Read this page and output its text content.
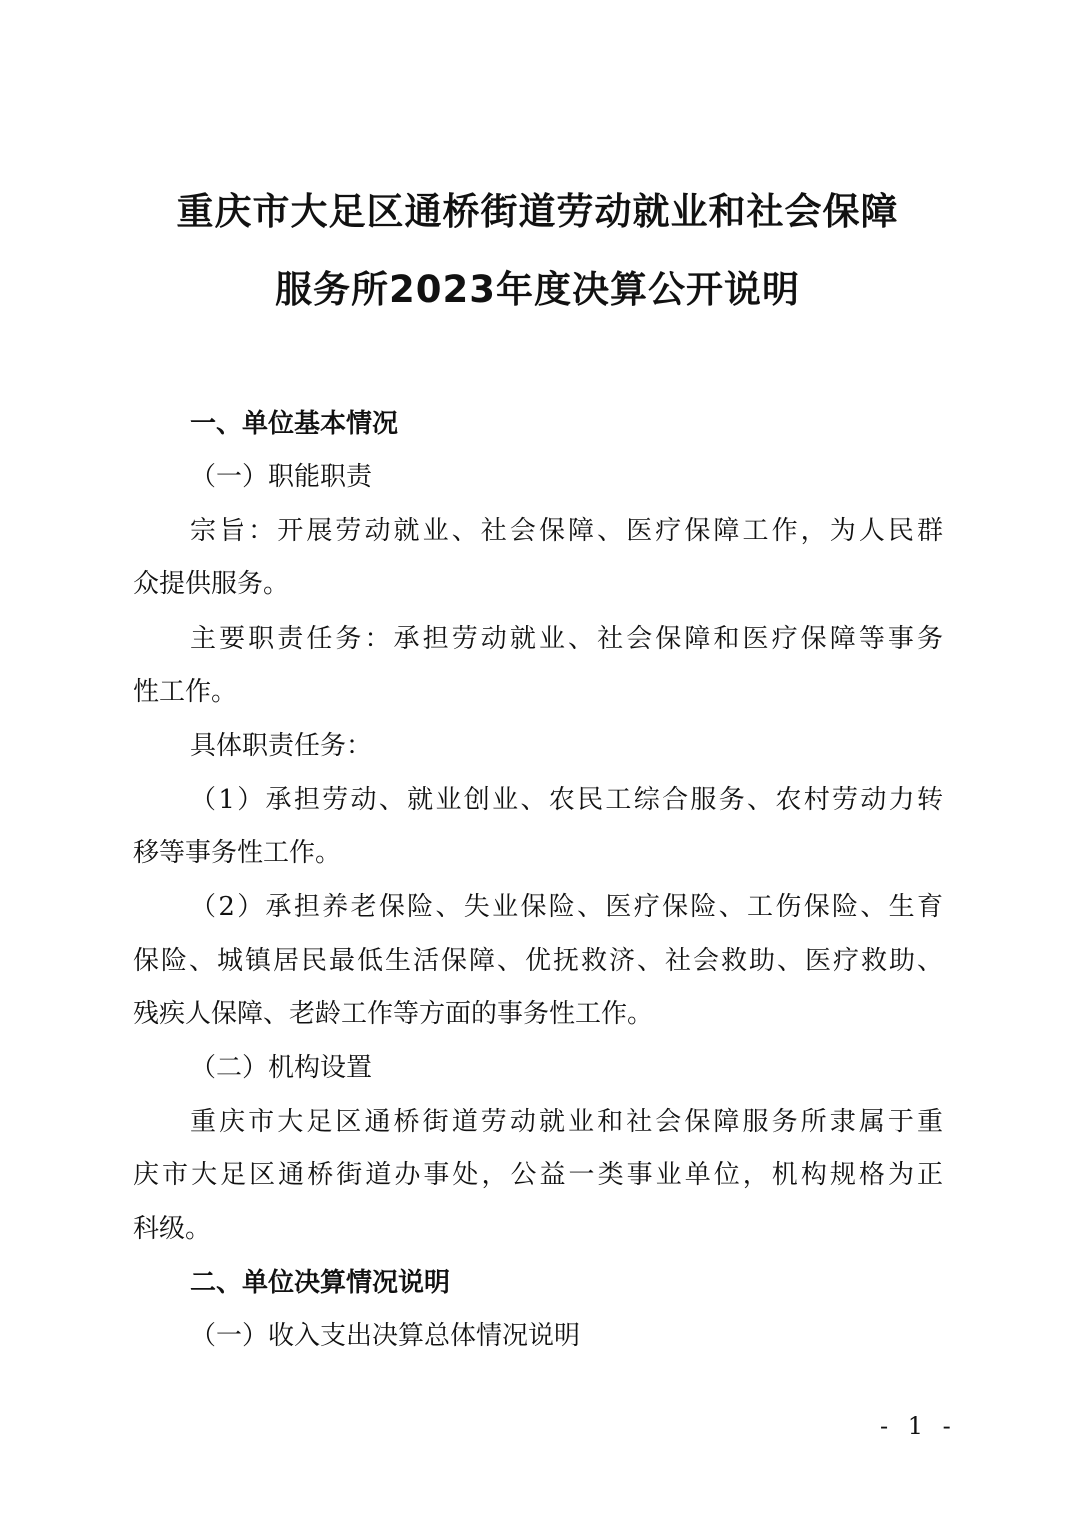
重庆市大足区通桥街道劳动就业和社会保障
服务所2023年度决算公开说明
一、单位基本情况
（一）职能职责
宗旨：开展劳动就业、社会保障、医疗保障工作，为人民群
众提供服务。
主要职责任务：承担劳动就业、社会保障和医疗保障等事务
性工作。
具体职责任务：
（1）承担劳动、就业创业、农民工综合服务、农村劳动力转
移等事务性工作。
（2）承担养老保险、失业保险、医疗保险、工伤保险、生育
保险、城镇居民最低生活保障、优抚救济、社会救助、医疗救助、
残疾人保障、老龄工作等方面的事务性工作。
（二）机构设置
重庆市大足区通桥街道劳动就业和社会保障服务所隶属于重
庆市大足区通桥街道办事处，公益一类事业单位，机构规格为正
科级。
二、单位决算情况说明
（一）收入支出决算总体情况说明
- 1 -
